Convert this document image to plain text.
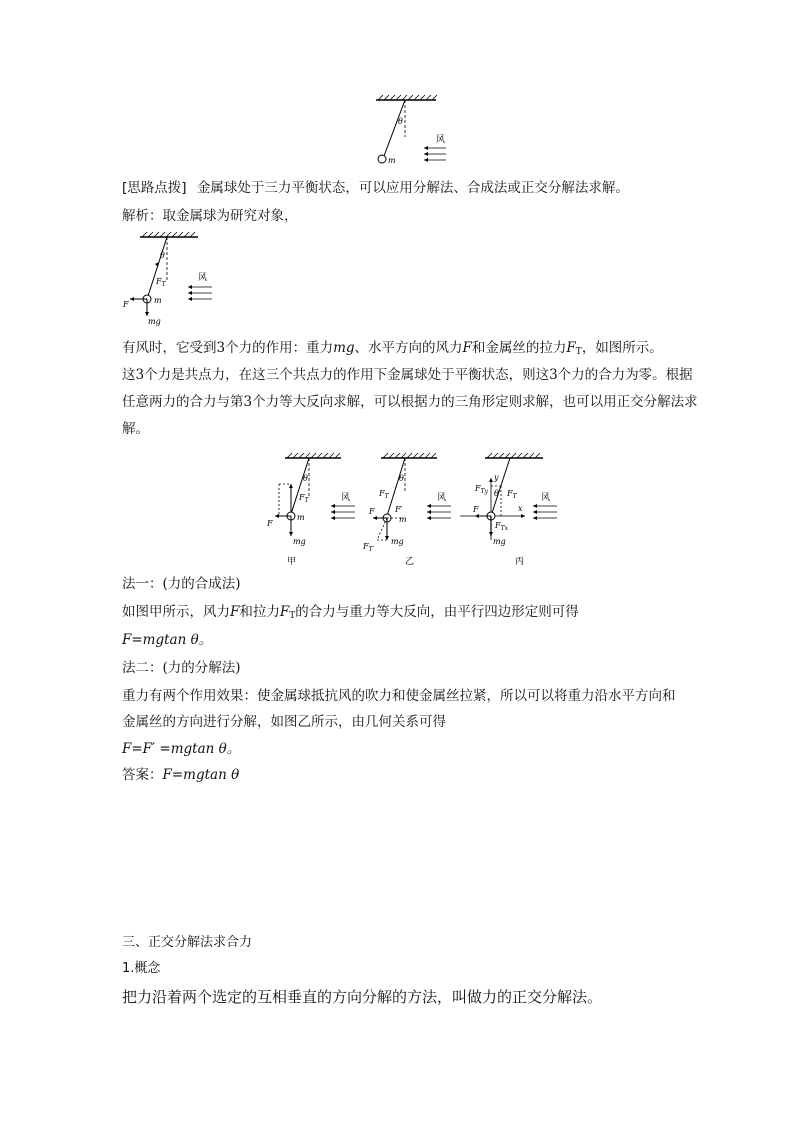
θ
m
风
[思路点拨] 金属球处于三力平衡状态，可以应用分解法、合成法或正交分解法求解。
解析：取金属球为研究对象，
θ
$F_T$
m
F
mg
风
有风时，它受到3个力的作用：重力mg、水平方向的风力F和金属丝的拉力$F_T$，如图所示。
这3个力是共点力，在这三个共点力的作用下金属球处于平衡状态，则这3个力的合力为零。根据
任意两力的合力与第3个力等大反向求解，可以根据力的三角形定则求解，也可以用正交分解法求
解。
θ
$F_T$
m
F
mg
风
甲
θ
$F_T$
F	F′
m
$F_{T'}$
mg
风
乙
y
$F_{Ty}$ θ $F_T$
F	x
$F_{Tx}$
mg
风
丙
法一：(力的合成法)
如图甲所示，风力F和拉力$F_T$的合力与重力等大反向，由平行四边形定则可得
F=mgtan θ。
法二：(力的分解法)
重力有两个作用效果：使金属球抵抗风的吹力和使金属丝拉紧，所以可以将重力沿水平方向和
金属丝的方向进行分解，如图乙所示，由几何关系可得
F=F′ =mgtan θ。
答案：F=mgtan θ
三、正交分解法求合力
1.概念
把力沿着两个选定的互相垂直的方向分解的方法，叫做力的正交分解法。
